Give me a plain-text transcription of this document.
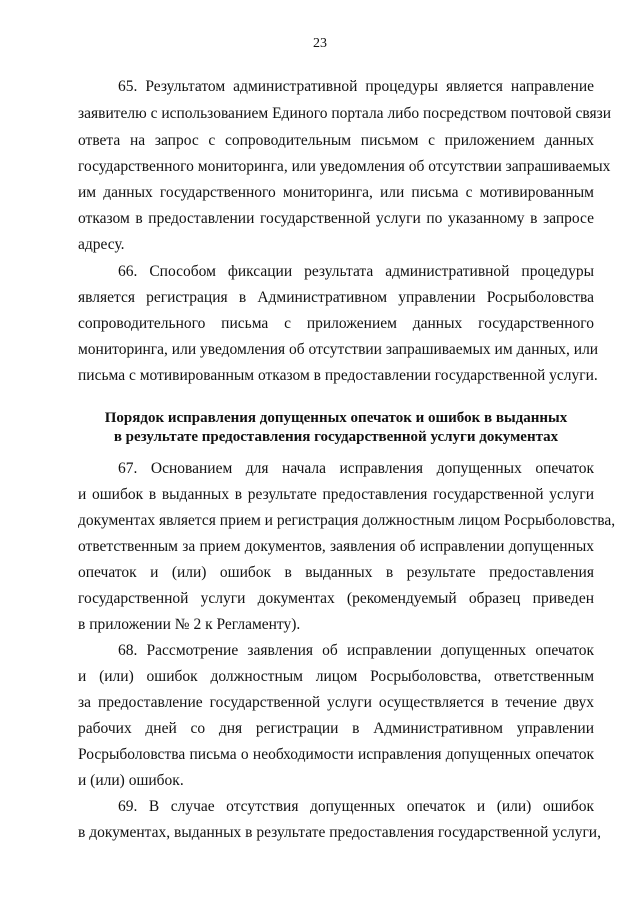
23
65. Результатом административной процедуры является направление
заявителю с использованием Единого портала либо посредством почтовой связи
ответа на запрос с сопроводительным письмом с приложением данных
государственного мониторинга, или уведомления об отсутствии запрашиваемых
им данных государственного мониторинга, или письма с мотивированным
отказом в предоставлении государственной услуги по указанному в запросе
адресу.
66. Способом фиксации результата административной процедуры
является регистрация в Административном управлении Росрыболовства
сопроводительного письма с приложением данных государственного
мониторинга, или уведомления об отсутствии запрашиваемых им данных, или
письма с мотивированным отказом в предоставлении государственной услуги.
Порядок исправления допущенных опечаток и ошибок в выданных
в результате предоставления государственной услуги документах
67. Основанием для начала исправления допущенных опечаток
и ошибок в выданных в результате предоставления государственной услуги
документах является прием и регистрация должностным лицом Росрыболовства,
ответственным за прием документов, заявления об исправлении допущенных
опечаток и (или) ошибок в выданных в результате предоставления
государственной услуги документах (рекомендуемый образец приведен
в приложении № 2 к Регламенту).
68. Рассмотрение заявления об исправлении допущенных опечаток
и (или) ошибок должностным лицом Росрыболовства, ответственным
за предоставление государственной услуги осуществляется в течение двух
рабочих дней со дня регистрации в Административном управлении
Росрыболовства письма о необходимости исправления допущенных опечаток
и (или) ошибок.
69. В случае отсутствия допущенных опечаток и (или) ошибок
в документах, выданных в результате предоставления государственной услуги,
